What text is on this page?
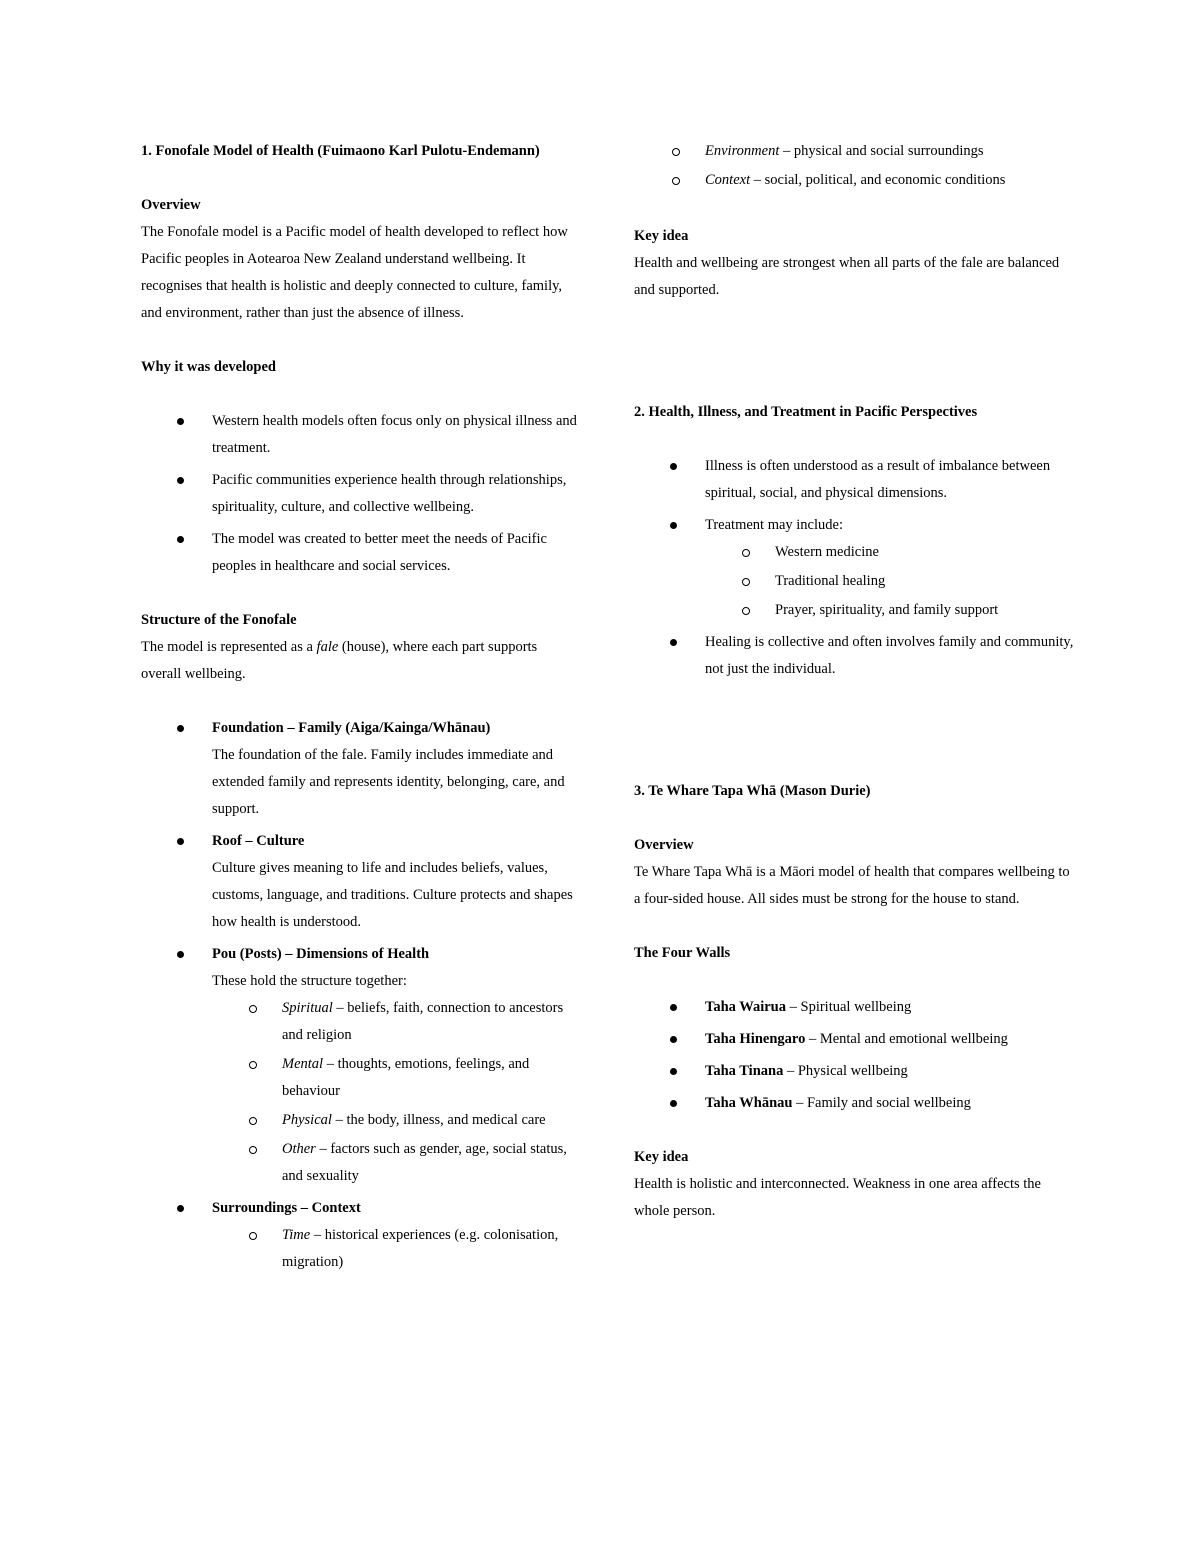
1. Fonofale Model of Health (Fuimaono Karl Pulotu-Endemann)
Overview

The Fonofale model is a Pacific model of health developed to reflect how Pacific peoples in Aotearoa New Zealand understand wellbeing. It recognises that health is holistic and deeply connected to culture, family, and environment, rather than just the absence of illness.

Why it was developed
Western health models often focus only on physical illness and treatment.
Pacific communities experience health through relationships, spirituality, culture, and collective wellbeing.
The model was created to better meet the needs of Pacific peoples in healthcare and social services.
Structure of the Fonofale

The model is represented as a fale (house), where each part supports overall wellbeing.

Foundation – Family (Aiga/Kainga/Whānau)
The foundation of the fale. Family includes immediate and extended family and represents identity, belonging, care, and support.
Roof – Culture
Culture gives meaning to life and includes beliefs, values, customs, language, and traditions. Culture protects and shapes how health is understood.
Pou (Posts) – Dimensions of Health
These hold the structure together:
Spiritual – beliefs, faith, connection to ancestors and religion
Mental – thoughts, emotions, feelings, and behaviour
Physical – the body, illness, and medical care
Other – factors such as gender, age, social status, and sexuality
Surroundings – Context
Time – historical experiences (e.g. colonisation, migration)
Environment – physical and social surroundings
Context – social, political, and economic conditions
Key idea

Health and wellbeing are strongest when all parts of the fale are balanced and supported.

2. Health, Illness, and Treatment in Pacific Perspectives
Illness is often understood as a result of imbalance between spiritual, social, and physical dimensions.
Treatment may include:
Western medicine
Traditional healing
Prayer, spirituality, and family support
Healing is collective and often involves family and community, not just the individual.
3. Te Whare Tapa Whā (Mason Durie)
Overview

Te Whare Tapa Whā is a Māori model of health that compares wellbeing to a four-sided house. All sides must be strong for the house to stand.

The Four Walls
Taha Wairua – Spiritual wellbeing
Taha Hinengaro – Mental and emotional wellbeing
Taha Tinana – Physical wellbeing
Taha Whānau – Family and social wellbeing
Key idea

Health is holistic and interconnected. Weakness in one area affects the whole person.
